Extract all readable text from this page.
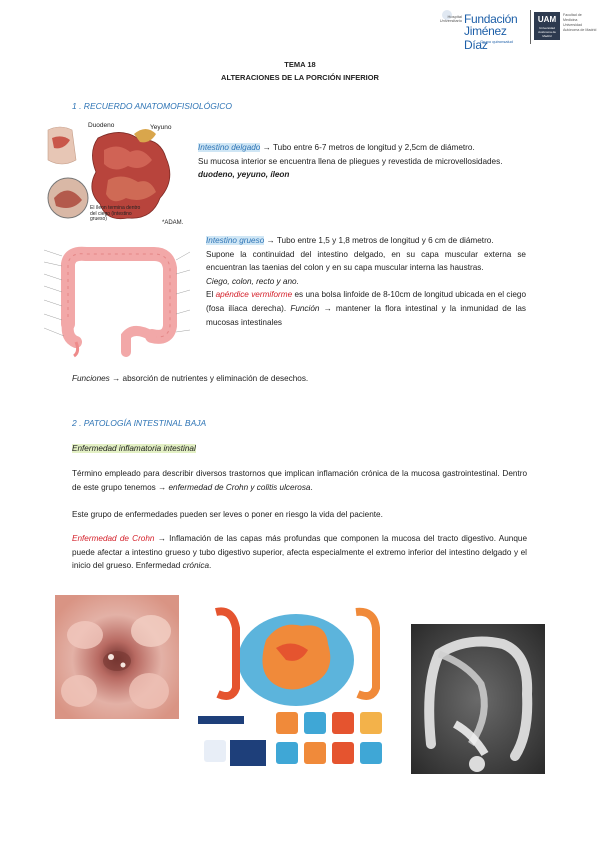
Hospital Universitario Fundación
Jiménez Díaz
Grupo quironsalud
UAM
Universidad Autónoma de Madrid
Facultad de Medicina Universidad Autónoma de Madrid
TEMA 18
ALTERACIONES DE LA PORCIÓN INFERIOR
1 . RECUERDO ANATOMOFISIOLÓGICO
Duodeno	Yeyuno
El íleon termina dentro del ciego (intestino grueso)
*ADAM.
Intestino delgado → Tubo entre 6-7 metros de longitud y 2,5cm de diámetro.
Su mucosa interior se encuentra llena de pliegues y revestida de microvellosidades.
duodeno, yeyuno, íleon
Intestino grueso → Tubo entre 1,5 y 1,8 metros de longitud y 6 cm de diámetro.
Supone la continuidad del intestino delgado, en su capa muscular externa se encuentran las taenias del colon y en su capa muscular interna las haustras.
Ciego, colon, recto y ano.
El apéndice vermiforme es una bolsa linfoide de 8-10cm de longitud ubicada en el ciego (fosa ilíaca derecha). Función → mantener la flora intestinal y la inmunidad de las mucosas intestinales
Funciones → absorción de nutrientes y eliminación de desechos.
2 . PATOLOGÍA INTESTINAL BAJA
Enfermedad inflamatoria intestinal
Término empleado para describir diversos trastornos que implican inflamación crónica de la mucosa gastrointestinal. Dentro de este grupo tenemos → enfermedad de Crohn y colitis ulcerosa.
Este grupo de enfermedades pueden ser leves o poner en riesgo la vida del paciente.
Enfermedad de Crohn → Inflamación de las capas más profundas que componen la mucosa del tracto digestivo. Aunque puede afectar a intestino grueso y tubo digestivo superior, afecta especialmente el extremo inferior del intestino delgado y el inicio del grueso. Enfermedad crónica.
